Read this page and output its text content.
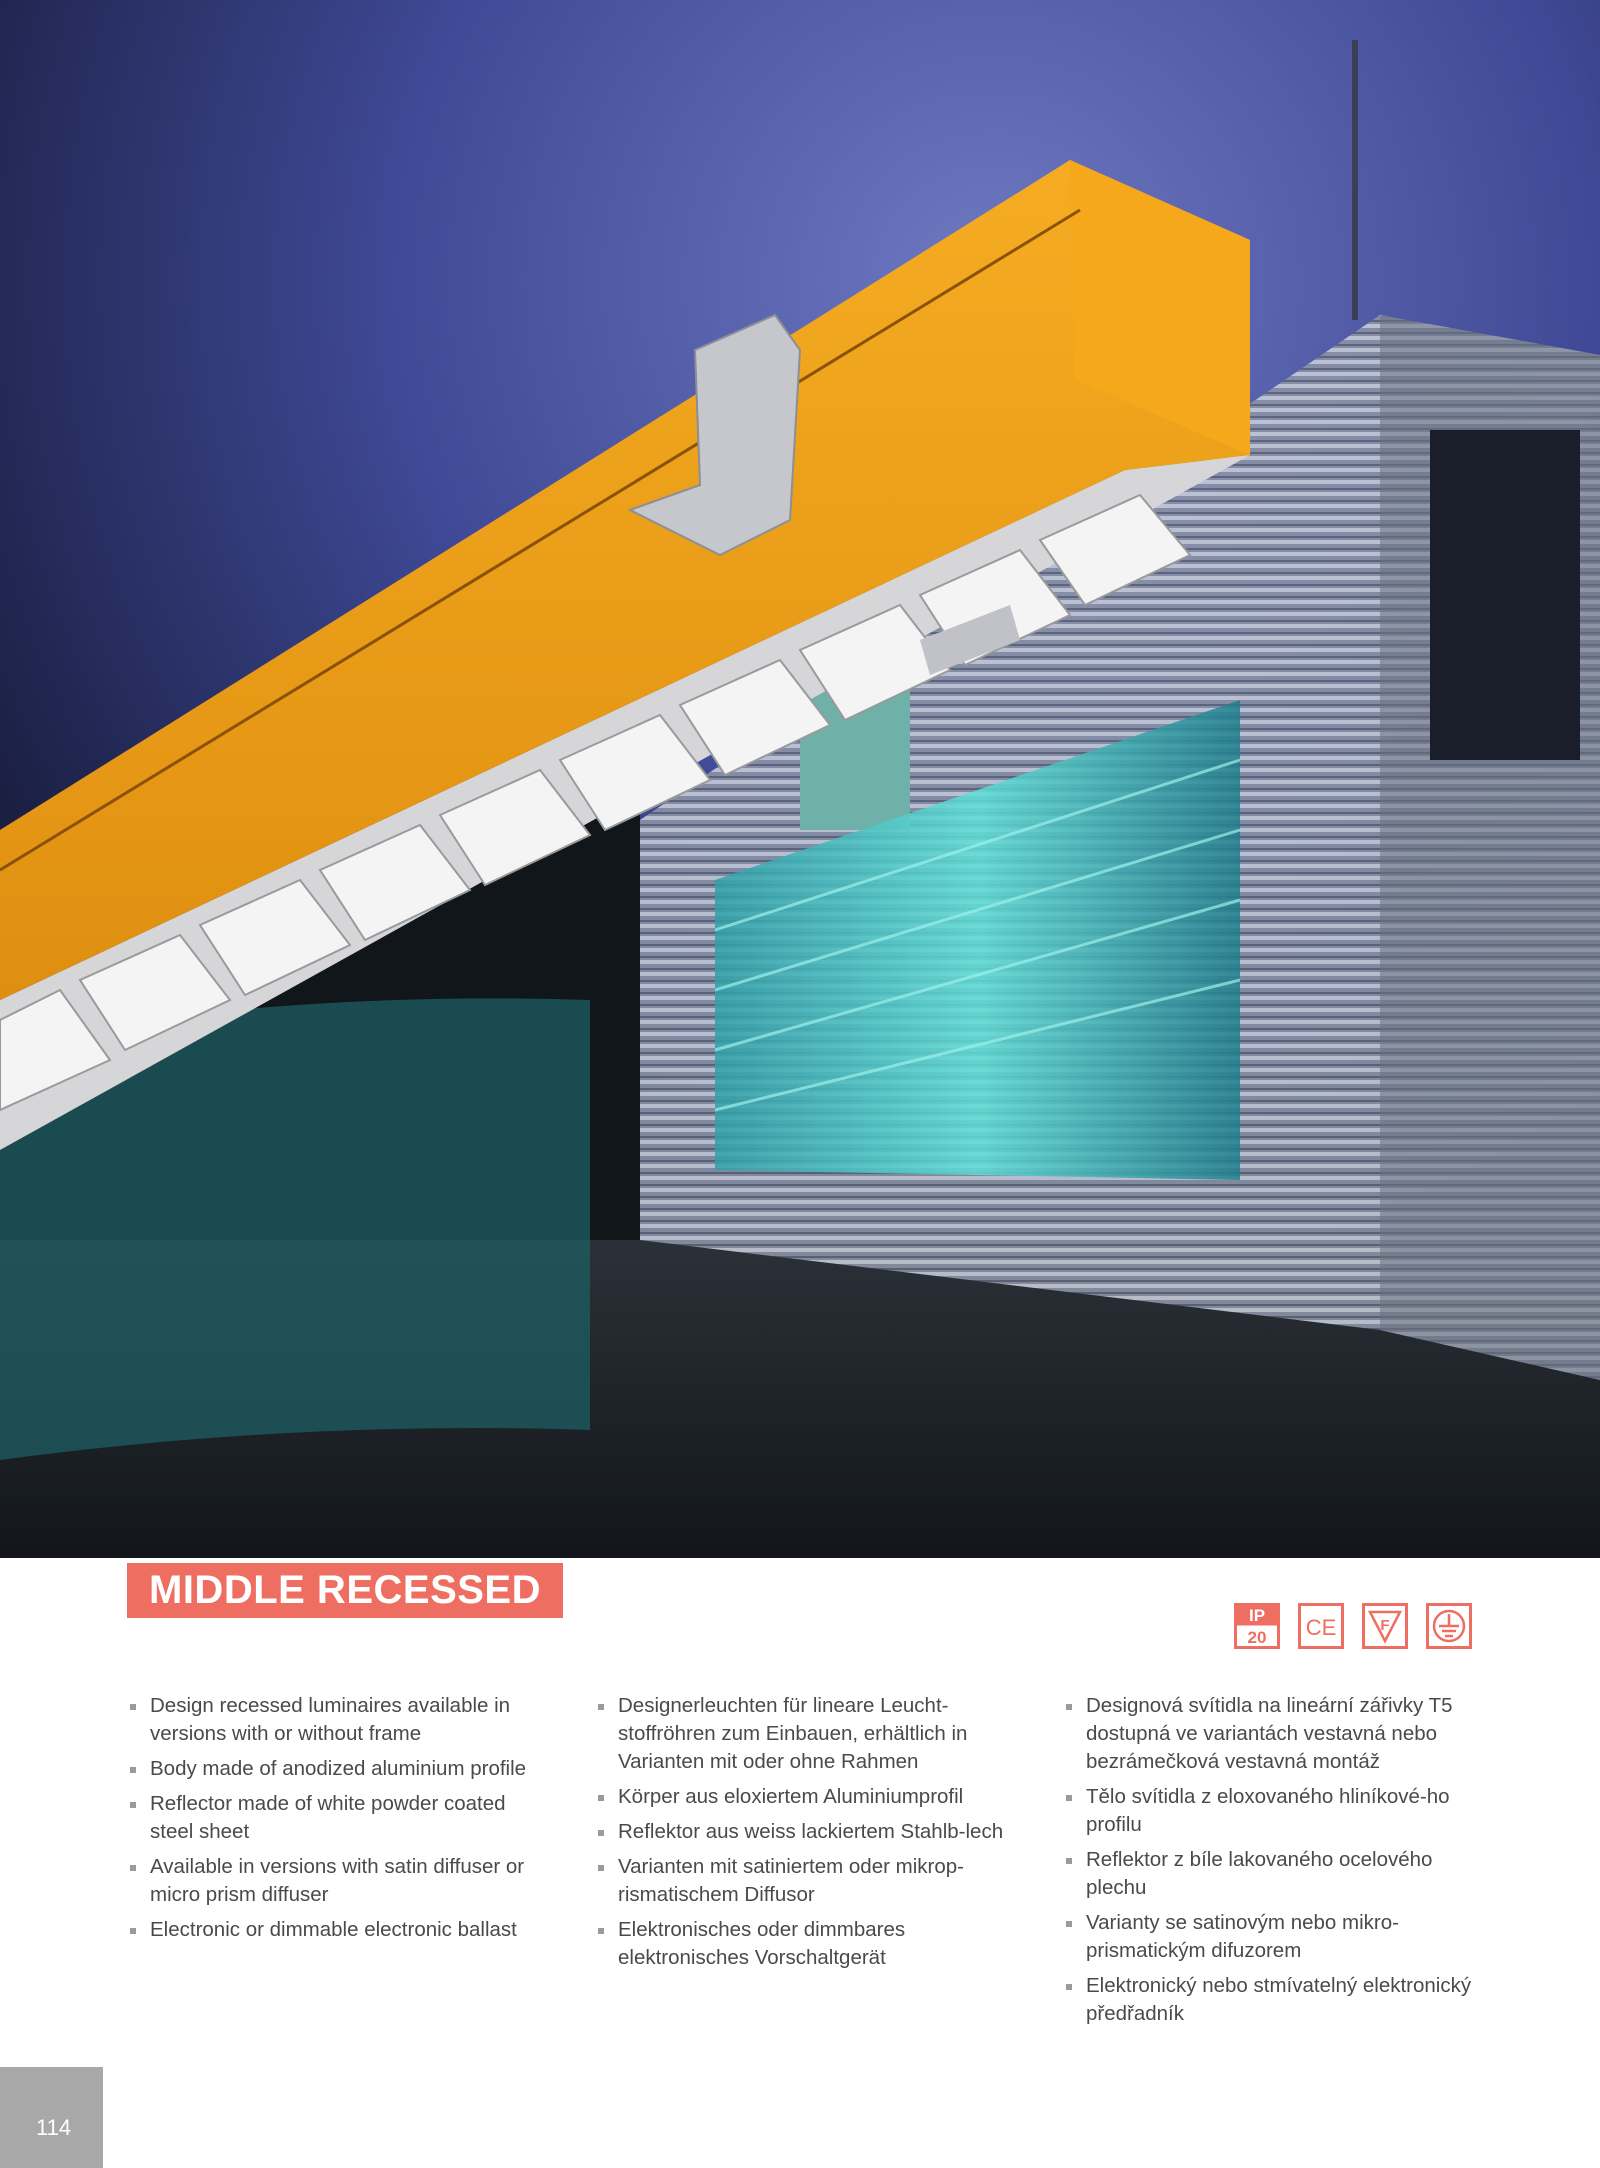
MIDDLE RECESSED
IP
20 CE	F
Design recessed luminaires available in versions with or without frame
Body made of anodized aluminium profile
Reflector made of white powder coated steel sheet
Available in versions with satin diffuser or micro prism diffuser
Electronic or dimmable electronic ballast
Designerleuchten für lineare Leucht-stoffröhren zum Einbauen, erhältlich in Varianten mit oder ohne Rahmen
Körper aus eloxiertem Aluminiumprofil
Reflektor aus weiss lackiertem Stahlb-lech
Varianten mit satiniertem oder mikrop-rismatischem Diffusor
Elektronisches oder dimmbares elektronisches Vorschaltgerät
Designová svítidla na lineární zářivky T5 dostupná ve variantách vestavná nebo bezrámečková vestavná montáž
Tělo svítidla z eloxovaného hliníkové-ho profilu
Reflektor z bíle lakovaného ocelového plechu
Varianty se satinovým nebo mikro-prismatickým difuzorem
Elektronický nebo stmívatelný elektronický předřadník
114
